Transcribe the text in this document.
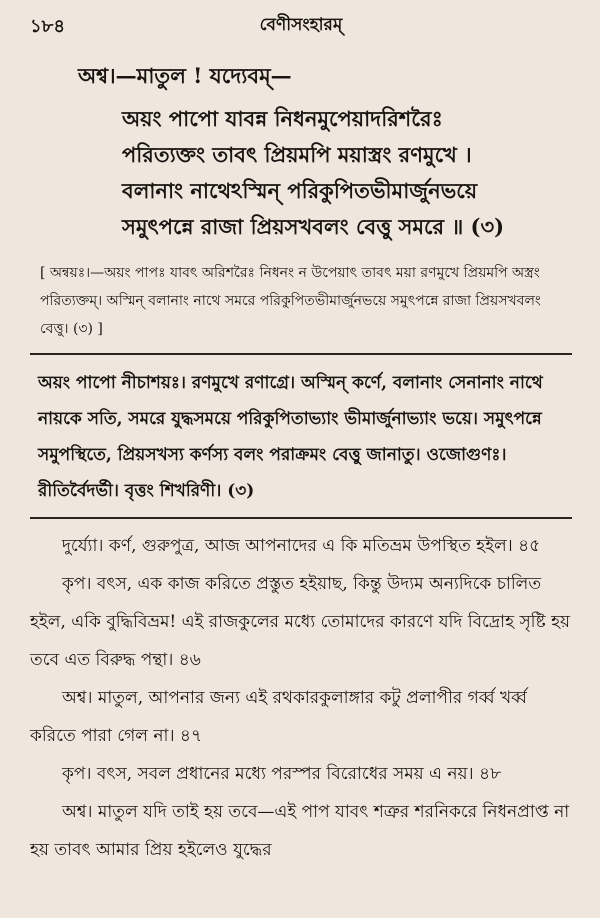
১৮৪	বেণীসংহারম্
অশ্ব।—মাতুল ! যদ্যেবম্—
অয়ং পাপো যাবন্ন নিধনমুপেয়াদরিশরৈঃ
পরিত্যক্তং তাবৎ প্রিয়মপি ময়াস্ত্রং রণমুখে ।
বলানাং নাথেঽস্মিন্ পরিকুপিতভীমার্জুনভয়ে
সমুৎপন্নে রাজা প্রিয়সখবলং বেত্তু সমরে ॥ (৩)
[ অন্বয়ঃ।—অয়ং পাপঃ যাবৎ অরিশরৈঃ নিধনং ন উপেয়াৎ তাবৎ ময়া রণমুখে প্রিয়মপি অস্ত্রং পরিত্যক্তম্। অস্মিন্ বলানাং নাথে সমরে পরিকুপিতভীমার্জুনভয়ে সমুৎপন্নে রাজা প্রিয়সখবলং বেত্তু। (৩) ]
অয়ং পাপো নীচাশয়ঃ। রণমুখে রণাগ্রে। অস্মিন্ কর্ণে, বলানাং সেনানাং নাথে নায়কে সতি, সমরে যুদ্ধসময়ে পরিকুপিতাভ্যাং ভীমার্জুনাভ্যাং ভয়ে। সমুৎপন্নে সমুপস্থিতে, প্রিয়সখস্য কর্ণস্য বলং পরাক্রমং বেত্তু জানাতু। ওজোগুণঃ। রীতির্বৈদর্ভী। বৃত্তং শিখরিণী। (৩)

দুর্য্যো। কর্ণ, গুরুপুত্র, আজ আপনাদের এ কি মতিভ্রম উপস্থিত হইল। ৪৫

কৃপ। বৎস, এক কাজ করিতে প্রস্তুত হইয়াছ, কিন্তু উদ্যম অন্যদিকে চালিত হইল, একি বুদ্ধিবিভ্রম! এই রাজকুলের মধ্যে তোমাদের কারণে যদি বিদ্রোহ সৃষ্টি হয় তবে এত বিরুদ্ধ পন্থা। ৪৬

অশ্ব। মাতুল, আপনার জন্য এই রথকারকুলাঙ্গার কটু প্রলাপীর গর্ব্ব খর্ব্ব করিতে পারা গেল না। ৪৭

কৃপ। বৎস, সবল প্রধানের মধ্যে পরস্পর বিরোধের সময় এ নয়। ৪৮

অশ্ব। মাতুল যদি তাই হয় তবে—এই পাপ যাবৎ শত্রুর শরনিকরে নিধনপ্রাপ্ত না হয় তাবৎ আমার প্রিয় হইলেও যুদ্ধের
